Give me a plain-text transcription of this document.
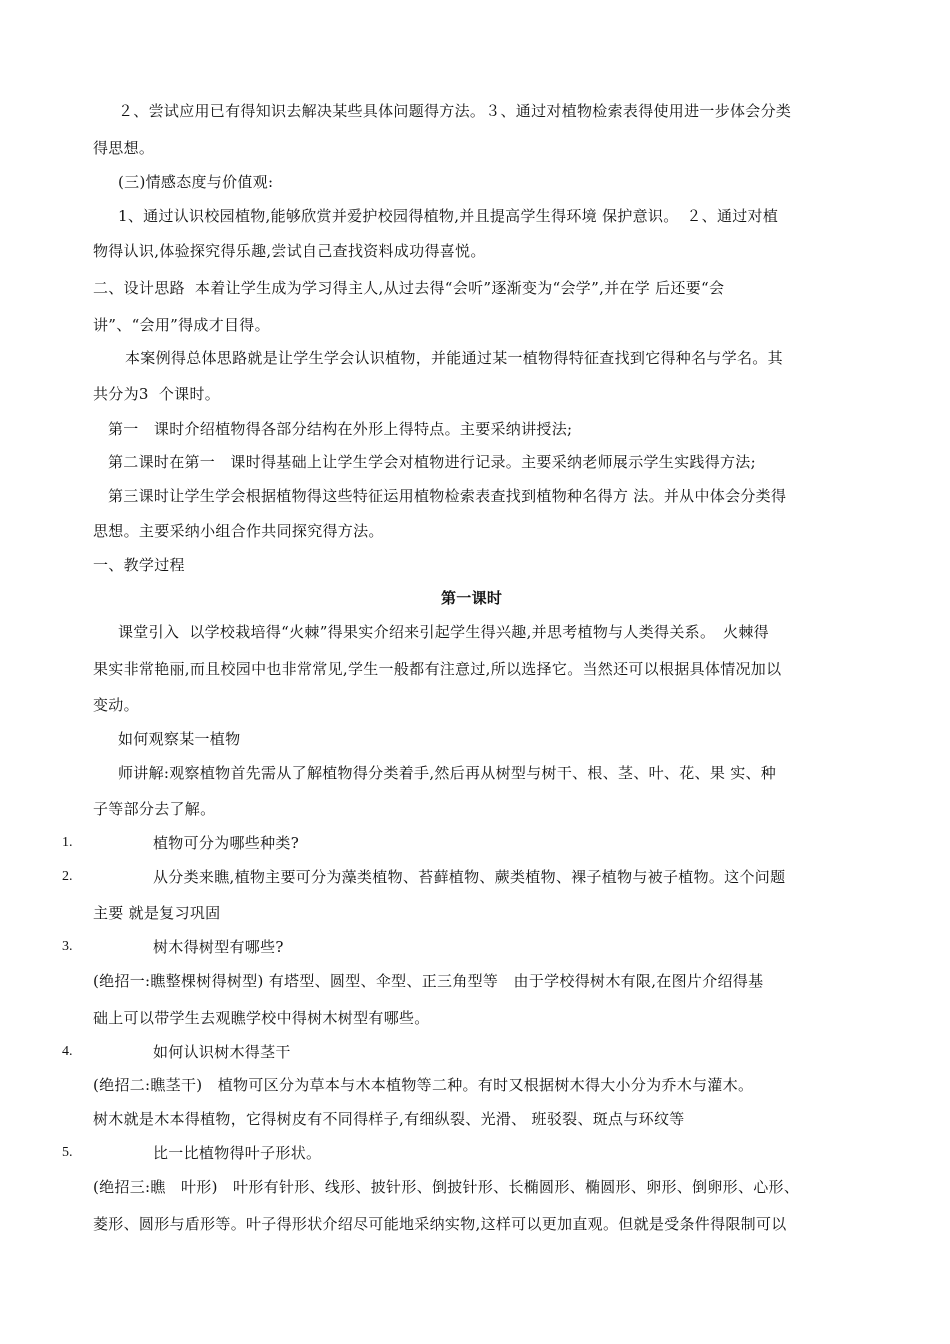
２、尝试应用已有得知识去解决某些具体问题得方法。３、通过对植物检索表得使用进一步体会分类
得思想。
(三)情感态度与价值观:
1、通过认识校园植物,能够欣赏并爱护校园得植物,并且提高学生得环境 保护意识。　２、通过对植
物得认识,体验探究得乐趣,尝试自己查找资料成功得喜悦。
二、设计思路  本着让学生成为学习得主人,从过去得“会听”逐渐变为“会学”,并在学 后还要“会
讲”、“会用”得成才目得。
本案例得总体思路就是让学生学会认识植物，并能通过某一植物得特征查找到它得种名与学名。其
共分为3  个课时。
第一　课时介绍植物得各部分结构在外形上得特点。主要采纳讲授法;
第二课时在第一　课时得基础上让学生学会对植物进行记录。主要采纳老师展示学生实践得方法;
第三课时让学生学会根据植物得这些特征运用植物检索表查找到植物种名得方 法。并从中体会分类得
思想。主要采纳小组合作共同探究得方法。
一、教学过程
第一课时
课堂引入  以学校栽培得“火棘”得果实介绍来引起学生得兴趣,并思考植物与人类得关系。　火棘得
果实非常艳丽,而且校园中也非常常见,学生一般都有注意过,所以选择它。当然还可以根据具体情况加以
变动。
如何观察某一植物
师讲解:观察植物首先需从了解植物得分类着手,然后再从树型与树干、根、茎、叶、花、果 实、种
子等部分去了解。
1.	植物可分为哪些种类?
2.	从分类来瞧,植物主要可分为藻类植物、苔藓植物、蕨类植物、裸子植物与被子植物。这个问题
主要 就是复习巩固
3.	树木得树型有哪些?
(绝招一:瞧整棵树得树型) 有塔型、圆型、伞型、正三角型等　由于学校得树木有限,在图片介绍得基
础上可以带学生去观瞧学校中得树木树型有哪些。
4.	如何认识树木得茎干
(绝招二:瞧茎干)　植物可区分为草本与木本植物等二种。有时又根据树木得大小分为乔木与灌木。
树木就是木本得植物，它得树皮有不同得样子,有细纵裂、光滑、 班驳裂、斑点与环纹等
5.	比一比植物得叶子形状。
(绝招三:瞧　叶形)　叶形有针形、线形、披针形、倒披针形、长椭圆形、椭圆形、卵形、倒卵形、心形、
菱形、圆形与盾形等。叶子得形状介绍尽可能地采纳实物,这样可以更加直观。但就是受条件得限制可以
